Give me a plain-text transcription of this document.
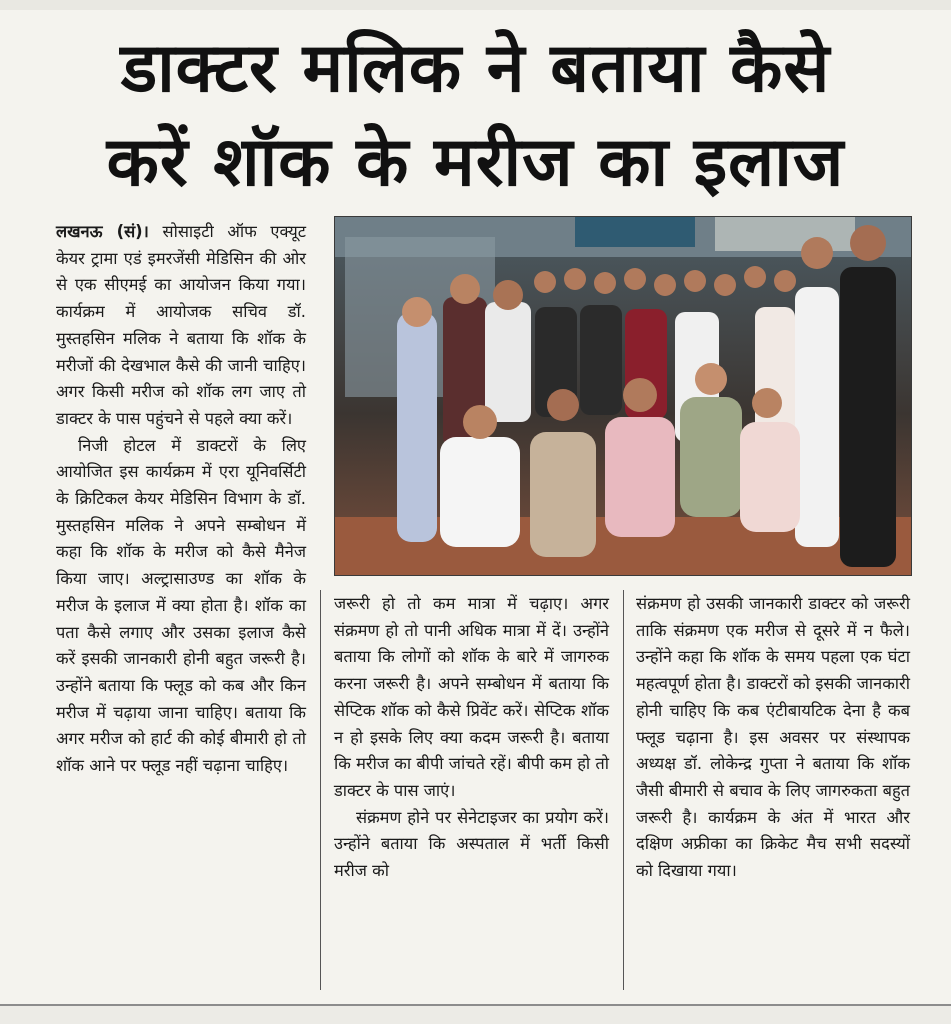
डाक्टर मलिक ने बताया कैसे
करें शॉक के मरीज का इलाज

लखनऊ (सं)। सोसाइटी ऑफ एक्यूट केयर ट्रामा एडं इमरजेंसी मेडिसिन की ओर से एक सीएमई का आयोजन किया गया। कार्यक्रम में आयोजक सचिव डॉ. मुस्तहसिन मलिक ने बताया कि शॉक के मरीजों की देखभाल कैसे की जानी चाहिए। अगर किसी मरीज को शॉक लग जाए तो डाक्टर के पास पहुंचने से पहले क्या करें।

निजी होटल में डाक्टरों के लिए आयोजित इस कार्यक्रम में एरा यूनिवर्सिटी के क्रिटिकल केयर मेडिसिन विभाग के डॉ. मुस्तहसिन मलिक ने अपने सम्बोधन में कहा कि शॉक के मरीज को कैसे मैनेज किया जाए। अल्ट्रासाउण्ड का शॉक के मरीज के इलाज में क्या होता है। शॉक का पता कैसे लगाए और उसका इलाज कैसे करें इसकी जानकारी होनी बहुत जरूरी है। उन्होंने बताया कि फ्लूड को कब और किन मरीज में चढ़ाया जाना चाहिए। बताया कि अगर मरीज को हार्ट की कोई बीमारी हो तो शॉक आने पर फ्लूड नहीं चढ़ाना चाहिए।

जरूरी हो तो कम मात्रा में चढ़ाए। अगर संक्रमण हो तो पानी अधिक मात्रा में दें। उन्होंने बताया कि लोगों को शॉक के बारे में जागरुक करना जरूरी है। अपने सम्बोधन में बताया कि सेप्टिक शॉक को कैसे प्रिवेंट करें। सेप्टिक शॉक न हो इसके लिए क्या कदम जरूरी है। बताया कि मरीज का बीपी जांचते रहें। बीपी कम हो तो डाक्टर के पास जाएं।

संक्रमण होने पर सेनेटाइजर का प्रयोग करें। उन्होंने बताया कि अस्पताल में भर्ती किसी मरीज को

संक्रमण हो उसकी जानकारी डाक्टर को जरूरी ताकि संक्रमण एक मरीज से दूसरे में न फैले। उन्होंने कहा कि शॉक के समय पहला एक घंटा महत्वपूर्ण होता है। डाक्टरों को इसकी जानकारी होनी चाहिए कि कब एंटीबायटिक देना है कब फ्लूड चढ़ाना है। इस अवसर पर संस्थापक अध्यक्ष डॉ. लोकेन्द्र गुप्ता ने बताया कि शॉक जैसी बीमारी से बचाव के लिए जागरुकता बहुत जरूरी है। कार्यक्रम के अंत में भारत और दक्षिण अफ्रीका का क्रिकेट मैच सभी सदस्यों को दिखाया गया।
